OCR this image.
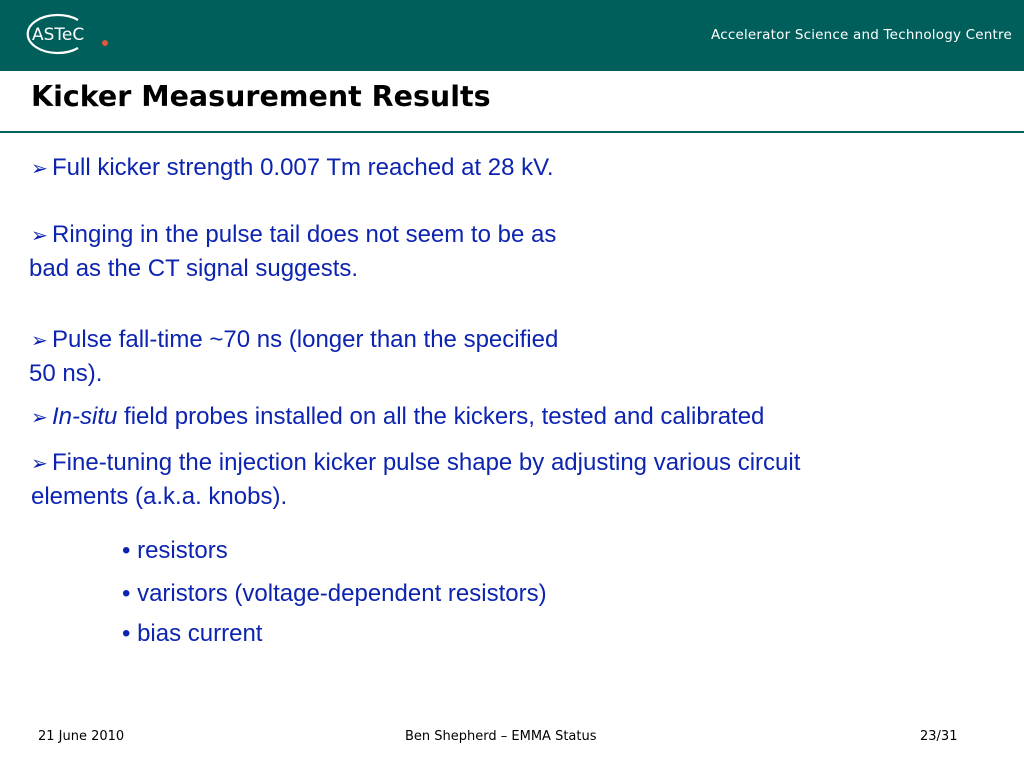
ASTeC	Accelerator Science and Technology Centre
Kicker Measurement Results
➢ Full kicker strength 0.007 Tm reached at 28 kV.
➢ Ringing in the pulse tail does not seem to be as
bad as the CT signal suggests.
➢ Pulse fall-time ~70 ns (longer than the specified
50 ns).
➢ In-situ field probes installed on all the kickers, tested and calibrated
➢ Fine-tuning the injection kicker pulse shape by adjusting various circuit
elements (a.k.a. knobs).
• resistors
• varistors (voltage-dependent resistors)
• bias current
21 June 2010	Ben Shepherd – EMMA Status	23/31
